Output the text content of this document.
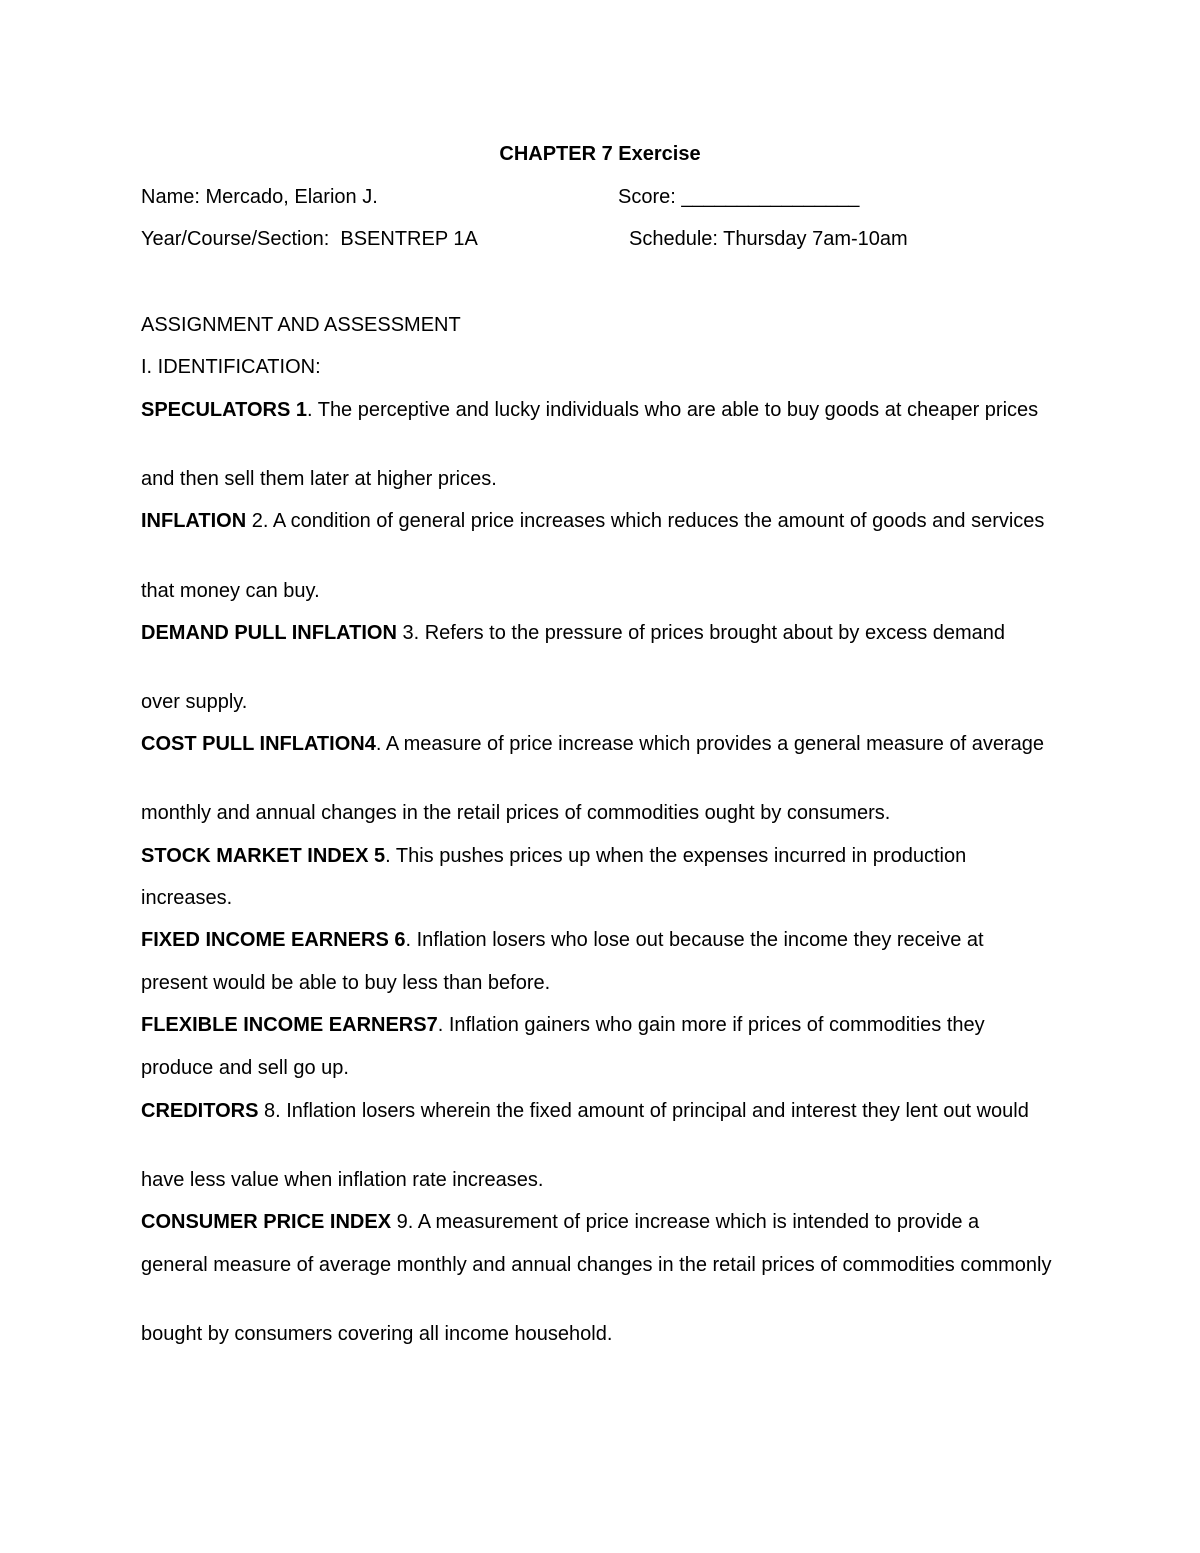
CHAPTER 7 Exercise
Name: Mercado, Elarion J.	Score: ________________
Year/Course/Section:  BSENTREP 1A	Schedule: Thursday 7am-10am
ASSIGNMENT AND ASSESSMENT
I. IDENTIFICATION:
SPECULATORS 1. The perceptive and lucky individuals who are able to buy goods at cheaper prices
and then sell them later at higher prices.
INFLATION 2. A condition of general price increases which reduces the amount of goods and services
that money can buy.
DEMAND PULL INFLATION 3. Refers to the pressure of prices brought about by excess demand
over supply.
COST PULL INFLATION4. A measure of price increase which provides a general measure of average
monthly and annual changes in the retail prices of commodities ought by consumers.
STOCK MARKET INDEX 5. This pushes prices up when the expenses incurred in production
increases.
FIXED INCOME EARNERS 6. Inflation losers who lose out because the income they receive at
present would be able to buy less than before.
FLEXIBLE INCOME EARNERS7. Inflation gainers who gain more if prices of commodities they
produce and sell go up.
CREDITORS 8. Inflation losers wherein the fixed amount of principal and interest they lent out would
have less value when inflation rate increases.
CONSUMER PRICE INDEX 9. A measurement of price increase which is intended to provide a
general measure of average monthly and annual changes in the retail prices of commodities commonly
bought by consumers covering all income household.
